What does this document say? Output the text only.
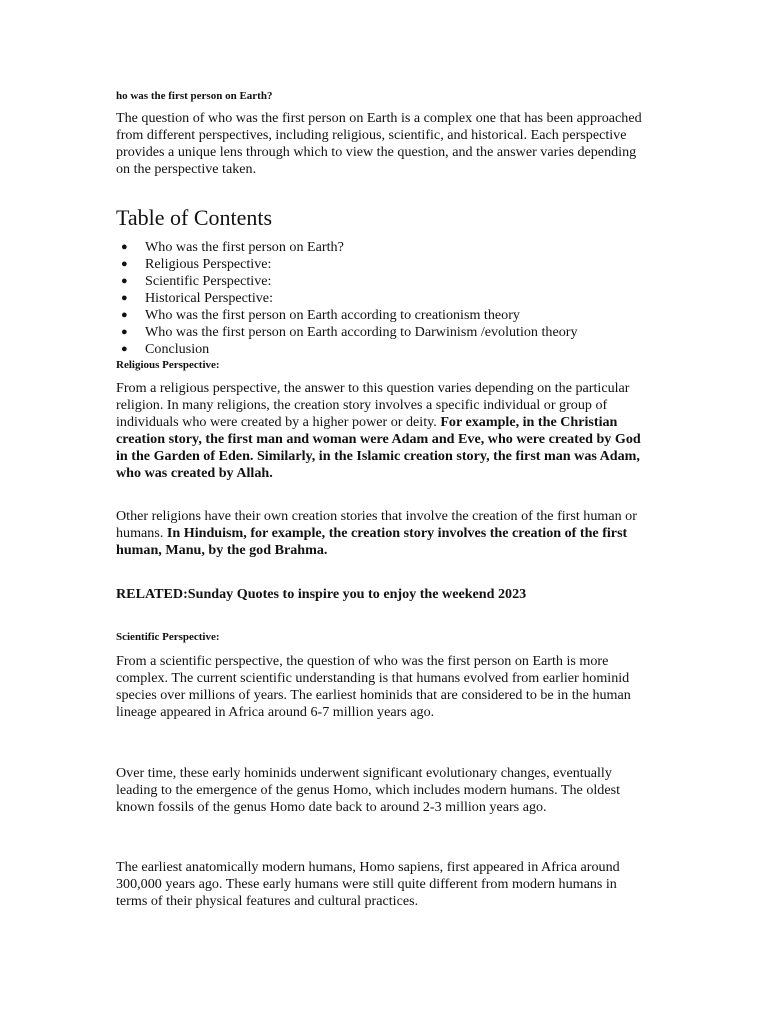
ho was the first person on Earth?

The question of who was the first person on Earth is a complex one that has been approached from different perspectives, including religious, scientific, and historical. Each perspective provides a unique lens through which to view the question, and the answer varies depending on the perspective taken.

Table of Contents
● Who was the first person on Earth?
● Religious Perspective:
● Scientific Perspective:
● Historical Perspective:
● Who was the first person on Earth according to creationism theory
● Who was the first person on Earth according to Darwinism /evolution theory
● Conclusion

Religious Perspective:

From a religious perspective, the answer to this question varies depending on the particular religion. In many religions, the creation story involves a specific individual or group of individuals who were created by a higher power or deity. For example, in the Christian creation story, the first man and woman were Adam and Eve, who were created by God in the Garden of Eden. Similarly, in the Islamic creation story, the first man was Adam, who was created by Allah.

Other religions have their own creation stories that involve the creation of the first human or humans. In Hinduism, for example, the creation story involves the creation of the first human, Manu, by the god Brahma.

RELATED:Sunday Quotes to inspire you to enjoy the weekend 2023

Scientific Perspective:

From a scientific perspective, the question of who was the first person on Earth is more complex. The current scientific understanding is that humans evolved from earlier hominid species over millions of years. The earliest hominids that are considered to be in the human lineage appeared in Africa around 6-7 million years ago.

Over time, these early hominids underwent significant evolutionary changes, eventually leading to the emergence of the genus Homo, which includes modern humans. The oldest known fossils of the genus Homo date back to around 2-3 million years ago.

The earliest anatomically modern humans, Homo sapiens, first appeared in Africa around 300,000 years ago. These early humans were still quite different from modern humans in terms of their physical features and cultural practices.
